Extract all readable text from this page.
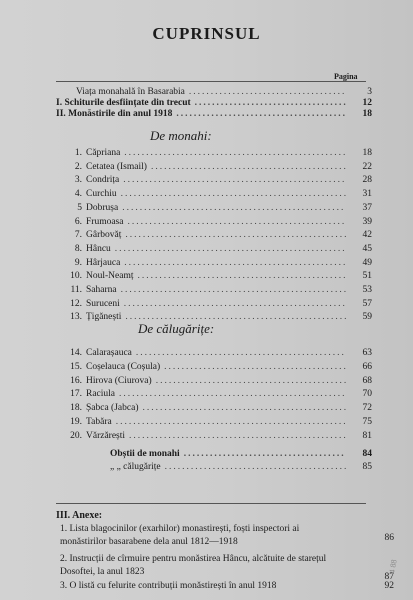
CUPRINSUL
Pagina
Viața monahală în Basarabia .....	3
I. Schiturile desființate din trecut .....	12
II. Monăstirile din anul 1918 .....	18
De monahi:
1. Căpriana .....	18
2. Cetatea (Ismail) .....	22
3. Condrița .....	28
4. Curchiu .....	31
5 Dobrușa .....	37
6. Frumoasa .....	39
7. Gârbovăț .....	42
8. Hâncu .....	45
9. Hârjauca .....	49
10. Noul-Neamț .....	51
11. Saharna .....	53
12. Suruceni .....	57
13. Țigănești .....	59
De călugărițe:
14. Calarașauca .....	63
15. Coșelauca (Coșula) .....	66
16. Hirova (Ciurova) .....	68
17. Raciula .....	70
18. Șabca (Jabca) .....	72
19. Tabăra .....	75
20. Vărzărești .....	81
Obștii de monahi .....	84
„ „ călugărițe .....	85
III. Anexe:
1. Lista blagocinilor (exarhilor) monastirești, foști inspectori ai monăstirilor basarabene dela anul 1812—1918	86
2. Instrucții de cîrmuire pentru monăstirea Hâncu, alcătuite de starețul Dosoftei, la anul 1823	87
3. O listă cu felurite contribuții monăstirești în anul 1918	92
4 88
